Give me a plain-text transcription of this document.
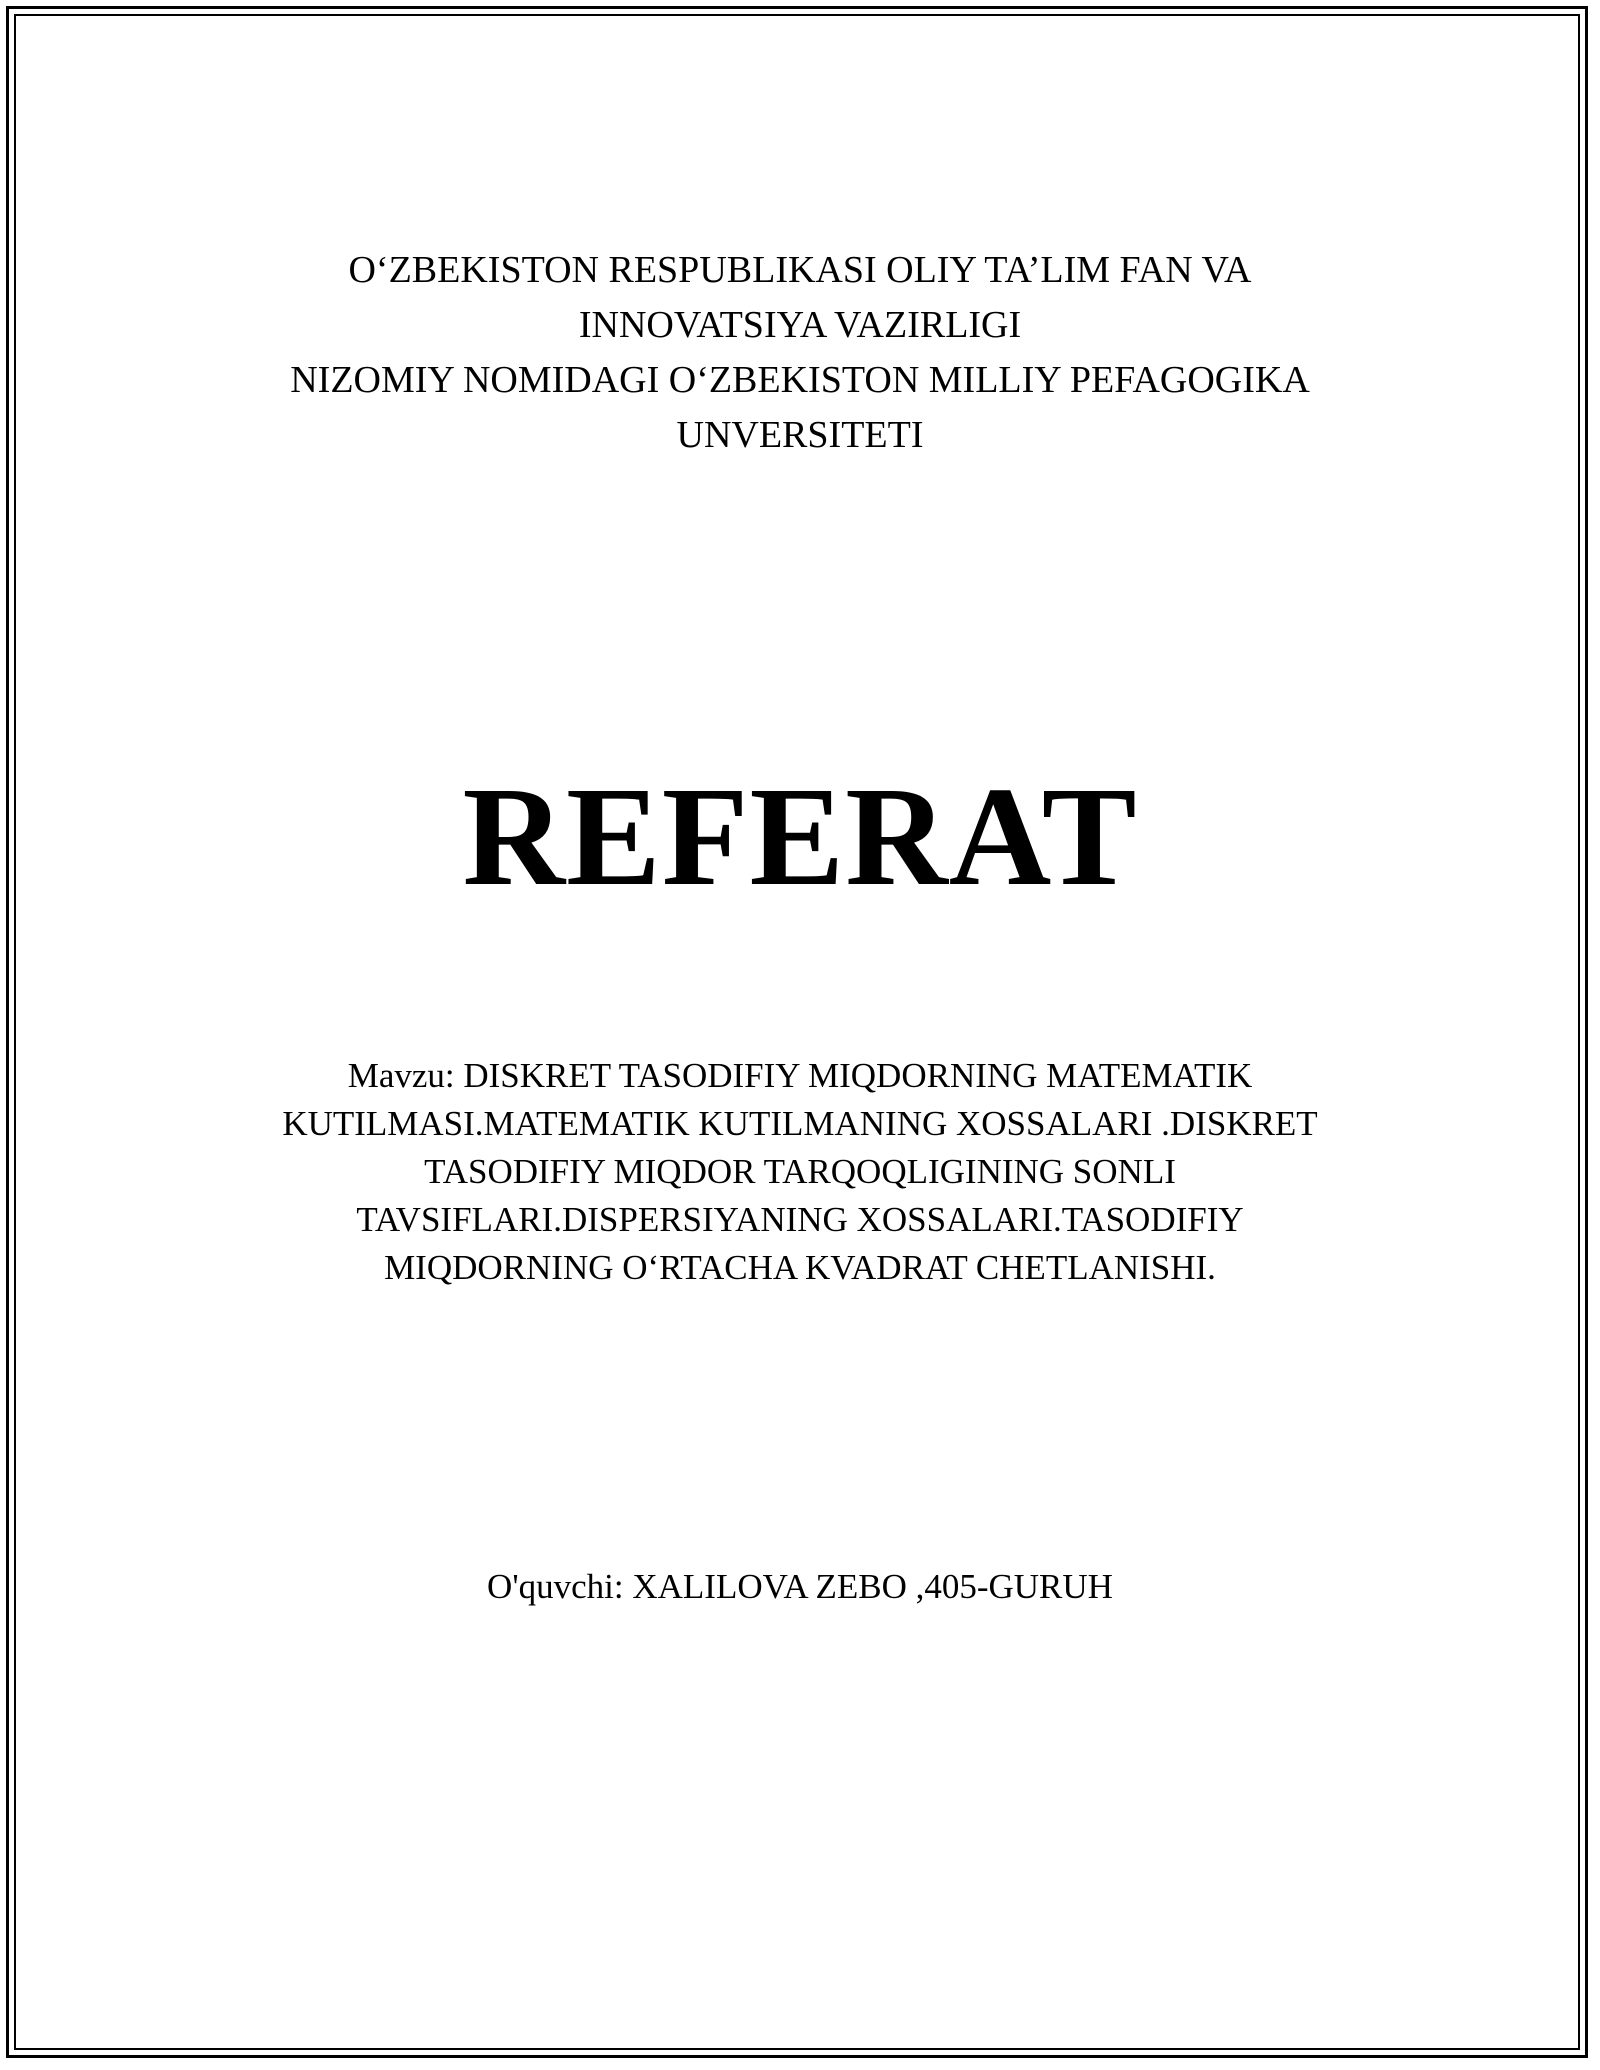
O‘ZBEKISTON RESPUBLIKASI OLIY TA’LIM FAN VA
INNOVATSIYA VAZIRLIGI
NIZOMIY NOMIDAGI O‘ZBEKISTON MILLIY PEFAGOGIKA
UNVERSITETI
REFERAT
Mavzu: DISKRET TASODIFIY MIQDORNING MATEMATIK
KUTILMASI.MATEMATIK KUTILMANING XOSSALARI .DISKRET
TASODIFIY MIQDOR TARQOQLIGINING SONLI
TAVSIFLARI.DISPERSIYANING XOSSALARI.TASODIFIY
MIQDORNING O‘RTACHA KVADRAT CHETLANISHI.
O'quvchi: XALILOVA ZEBO ,405-GURUH
